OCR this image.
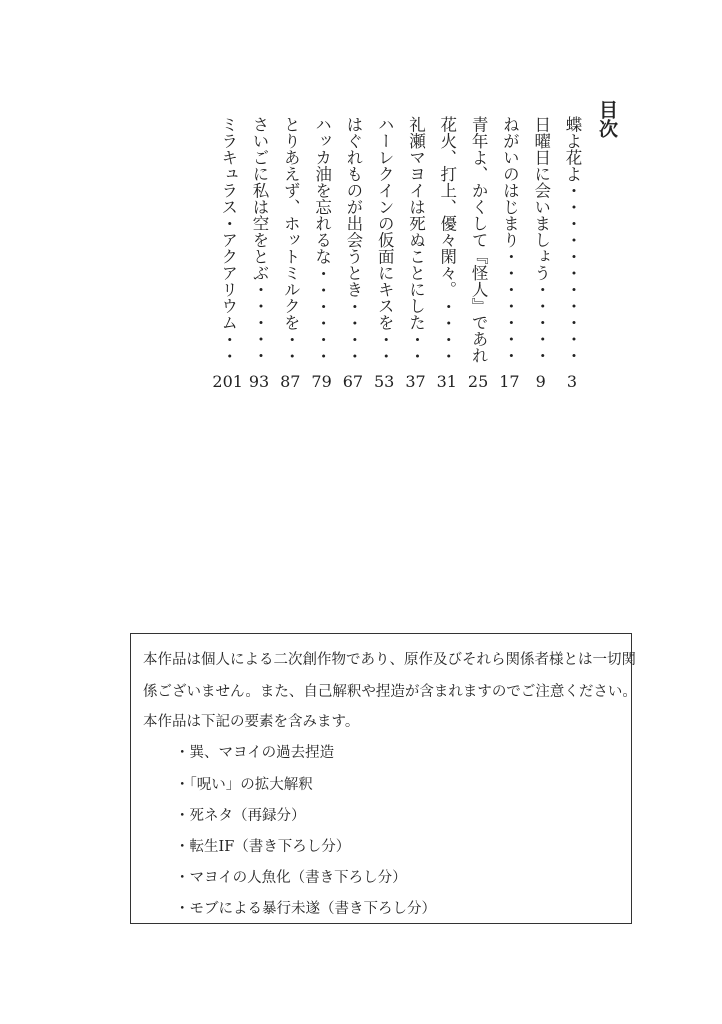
目次
蝶よ花よ
・・・・・・・・・・・・・・・・・・・・・・・・
3
日曜日に会いましょう
・・・・・・・・・・・・・・・・・・・・・・・・
9
ねがいのはじまり
・・・・・・・・・・・・・・・・・・・・・・・・
17
青年よ、かくして『怪人』であれ
・・・・・・・・・・・・・・・・・・・・・・・・
25
花火、打上、優々閑々。
・・・・・・・・・・・・・・・・・・・・・・・・
31
礼瀬マヨイは死ぬことにした
・・・・・・・・・・・・・・・・・・・・・・・・
37
ハーレクインの仮面にキスを
・・・・・・・・・・・・・・・・・・・・・・・・
53
はぐれものが出会うとき
・・・・・・・・・・・・・・・・・・・・・・・・
67
ハッカ油を忘れるな
・・・・・・・・・・・・・・・・・・・・・・・・
79
とりあえず、ホットミルクを
・・・・・・・・・・・・・・・・・・・・・・・・
87
さいごに私は空をとぶ
・・・・・・・・・・・・・・・・・・・・・・・・
93
ミラキュラス・アクアリウム
・・・・・・・・・・・・・・・・・・・・・・・・
201
本作品は個人による二次創作物であり、原作及びそれら関係者様とは一切関
係ございません。また、自己解釈や捏造が含まれますのでご注意ください。
本作品は下記の要素を含みます。
・巽、マヨイの過去捏造
・「呪い」の拡大解釈
・死ネタ（再録分）
・転生IF（書き下ろし分）
・マヨイの人魚化（書き下ろし分）
・モブによる暴行未遂（書き下ろし分）
